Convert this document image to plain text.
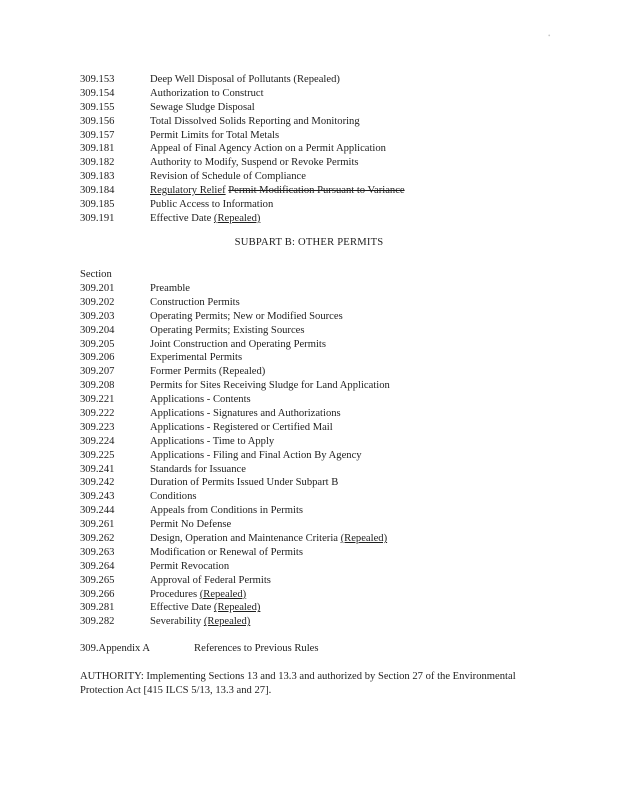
•
309.153	Deep Well Disposal of Pollutants (Repealed)
309.154	Authorization to Construct
309.155	Sewage Sludge Disposal
309.156	Total Dissolved Solids Reporting and Monitoring
309.157	Permit Limits for Total Metals
309.181	Appeal of Final Agency Action on a Permit Application
309.182	Authority to Modify, Suspend or Revoke Permits
309.183	Revision of Schedule of Compliance
309.184	Regulatory Relief Permit Modification Pursuant to Variance
309.185	Public Access to Information
309.191	Effective Date (Repealed)
SUBPART B: OTHER PERMITS
Section
309.201	Preamble
309.202	Construction Permits
309.203	Operating Permits; New or Modified Sources
309.204	Operating Permits; Existing Sources
309.205	Joint Construction and Operating Permits
309.206	Experimental Permits
309.207	Former Permits (Repealed)
309.208	Permits for Sites Receiving Sludge for Land Application
309.221	Applications - Contents
309.222	Applications - Signatures and Authorizations
309.223	Applications - Registered or Certified Mail
309.224	Applications - Time to Apply
309.225	Applications - Filing and Final Action By Agency
309.241	Standards for Issuance
309.242	Duration of Permits Issued Under Subpart B
309.243	Conditions
309.244	Appeals from Conditions in Permits
309.261	Permit No Defense
309.262	Design, Operation and Maintenance Criteria (Repealed)
309.263	Modification or Renewal of Permits
309.264	Permit Revocation
309.265	Approval of Federal Permits
309.266	Procedures (Repealed)
309.281	Effective Date (Repealed)
309.282	Severability (Repealed)
309.Appendix A	References to Previous Rules
AUTHORITY: Implementing Sections 13 and 13.3 and authorized by Section 27 of the Environmental Protection Act [415 ILCS 5/13, 13.3 and 27].
